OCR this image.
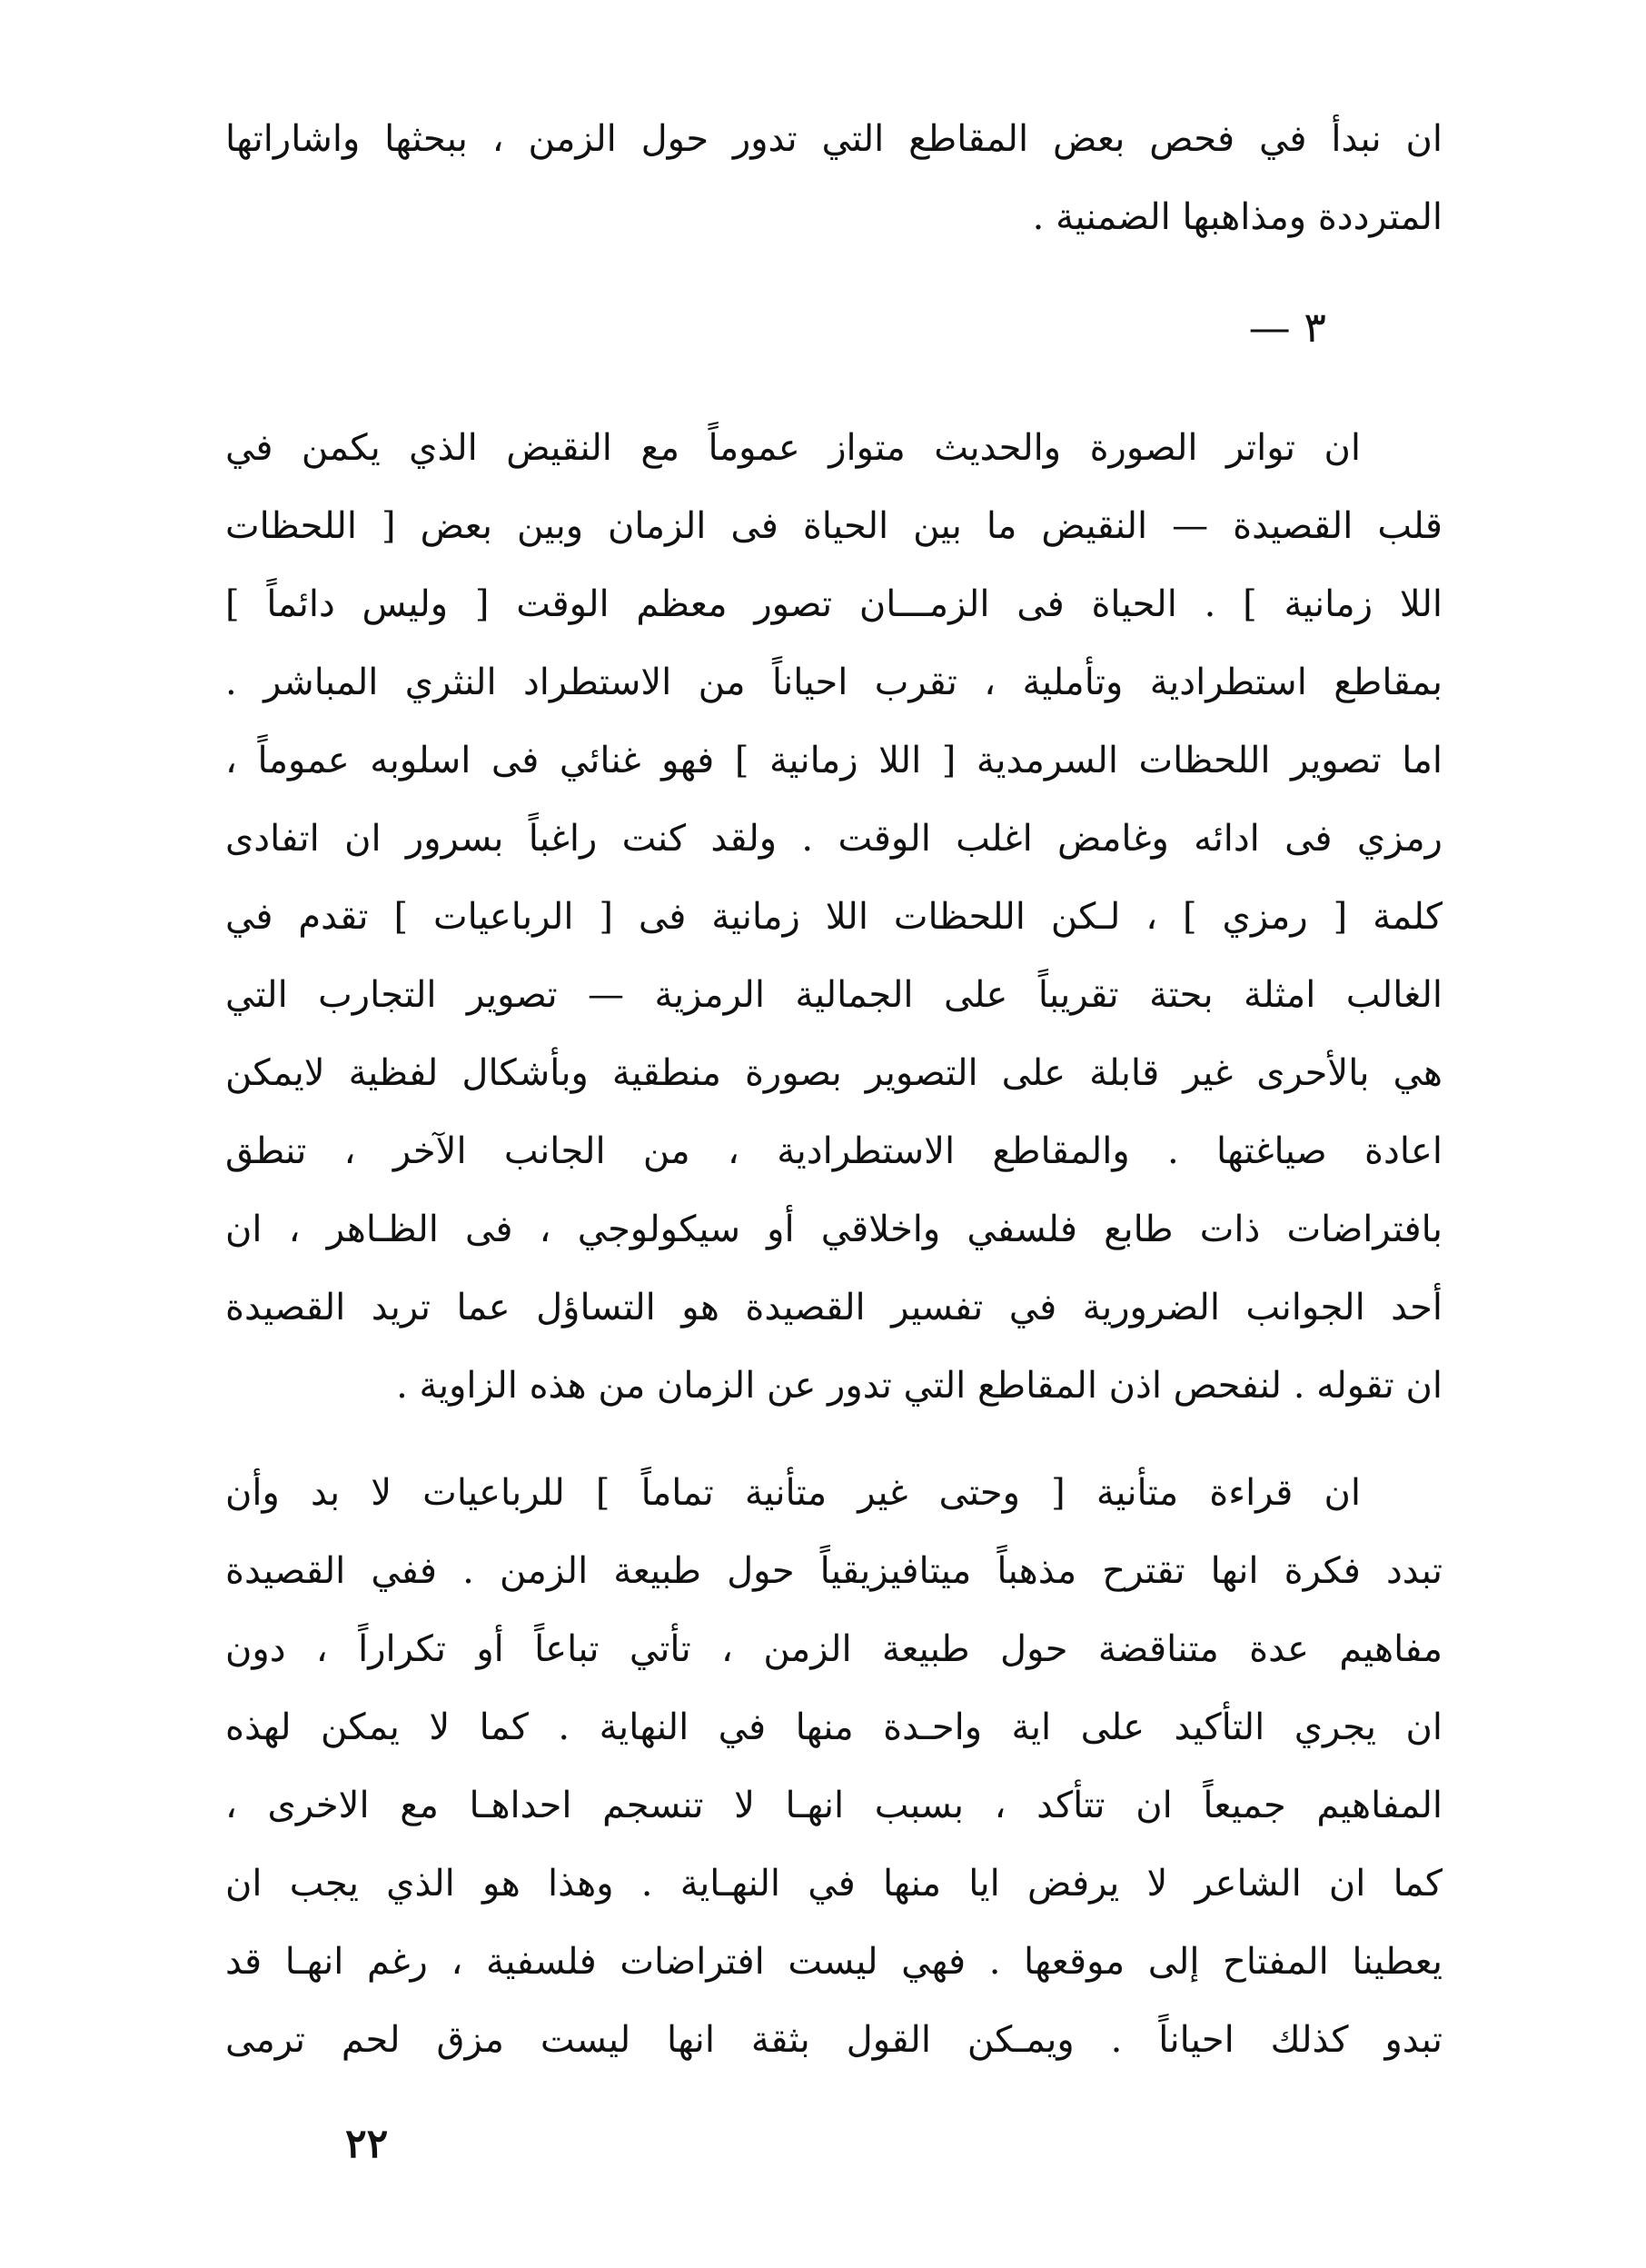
ان نبدأ في فحص بعض المقاطع التي تدور حول الزمن ، ببحثها واشاراتها
المترددة ومذاهبها الضمنية .
٣ —
ان تواتر الصورة والحديث متواز عموماً مع النقيض الذي يكمن في
قلب القصيدة — النقيض ما بين الحياة فى الزمان وبين بعض [ اللحظات
اللا زمانية ] . الحياة فى الزمـــان تصور معظم الوقت [ وليس دائماً ]
بمقاطع استطرادية وتأملية ، تقرب احياناً من الاستطراد النثري المباشر .
اما تصوير اللحظات السرمدية [ اللا زمانية ] فهو غنائي فى اسلوبه عموماً ،
رمزي فى ادائه وغامض اغلب الوقت . ولقد كنت راغباً بسرور ان اتفادى
كلمة [ رمزي ] ، لـكن اللحظات اللا زمانية فى [ الرباعيات ] تقدم في
الغالب امثلة بحتة تقريباً على الجمالية الرمزية — تصوير التجارب التي
هي بالأحرى غير قابلة على التصوير بصورة منطقية وبأشكال لفظية لايمكن
اعادة صياغتها . والمقاطع الاستطرادية ، من الجانب الآخر ، تنطق
بافتراضات ذات طابع فلسفي واخلاقي أو سيكولوجي ، فى الظـاهر ، ان
أحد الجوانب الضرورية في تفسير القصيدة هو التساؤل عما تريد القصيدة
ان تقوله . لنفحص اذن المقاطع التي تدور عن الزمان من هذه الزاوية .
ان قراءة متأنية [ وحتى غير متأنية تماماً ] للرباعيات لا بد وأن
تبدد فكرة انها تقترح مذهباً ميتافيزيقياً حول طبيعة الزمن . ففي القصيدة
مفاهيم عدة متناقضة حول طبيعة الزمن ، تأتي تباعاً أو تكراراً ، دون
ان يجري التأكيد على اية واحـدة منها في النهاية . كما لا يمكن لهذه
المفاهيم جميعاً ان تتأكد ، بسبب انهـا لا تنسجم احداهـا مع الاخرى ،
كما ان الشاعر لا يرفض ايا منها في النهـاية . وهذا هو الذي يجب ان
يعطينا المفتاح إلى موقعها . فهي ليست افتراضات فلسفية ، رغم انهـا قد
تبدو كذلك احياناً . ويمـكن القول بثقة انها ليست مزق لحم ترمى
٢٢
